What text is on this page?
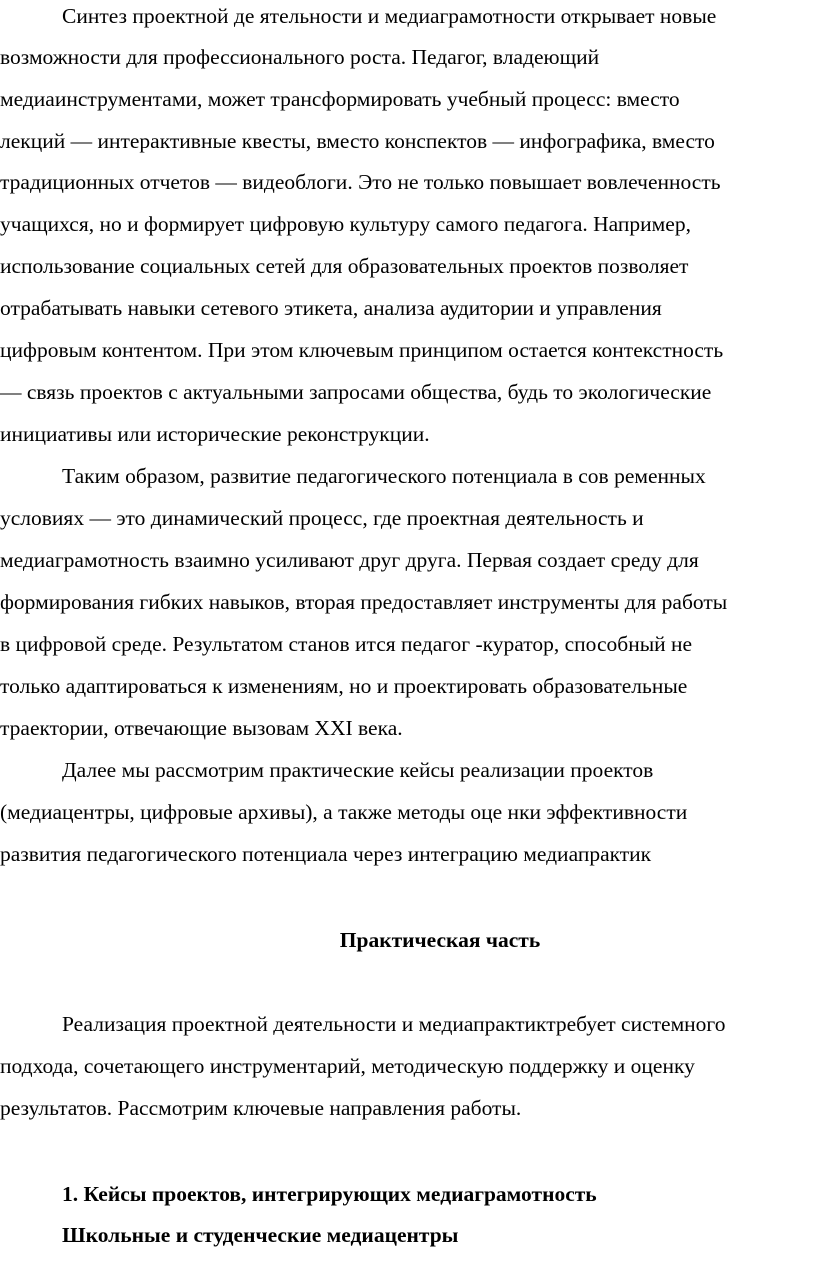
Синтез проектной де ятельности и медиаграмотности открывает новые
возможности для профессионального роста. Педагог, владеющий
медиаинструментами, может трансформировать учебный процесс: вместо
лекций — интерактивные квесты, вместо конспектов — инфографика, вместо
традиционных отчетов — видеоблоги. Это не только повышает вовлеченность
учащихся, но и формирует цифровую культуру самого педагога. Например,
использование социальных сетей для образовательных проектов позволяет
отрабатывать навыки сетевого этикета, анализа аудитории и управления
цифровым контентом. При этом ключевым принципом остается контекстность
— связь проектов с актуальными запросами общества, будь то экологические
инициативы или исторические реконструкции.
Таким образом, развитие педагогического потенциала в сов ременных
условиях — это динамический процесс, где проектная деятельность и
медиаграмотность взаимно усиливают друг друга. Первая создает среду для
формирования гибких навыков, вторая предоставляет инструменты для работы
в цифровой среде. Результатом станов ится педагог -куратор, способный не
только адаптироваться к изменениям, но и проектировать образовательные
траектории, отвечающие вызовам XXI века.
Далее мы рассмотрим практические кейсы реализации проектов
(медиацентры, цифровые архивы), а также методы оце нки эффективности
развития педагогического потенциала через интеграцию медиапрактик
Практическая часть
Реализация проектной деятельности и медиапрактиктребует системного
подхода, сочетающего инструментарий, методическую поддержку и оценку
результатов. Рассмотрим ключевые направления работы.
1. Кейсы проектов, интегрирующих медиаграмотность
Школьные и студенческие медиацентры
